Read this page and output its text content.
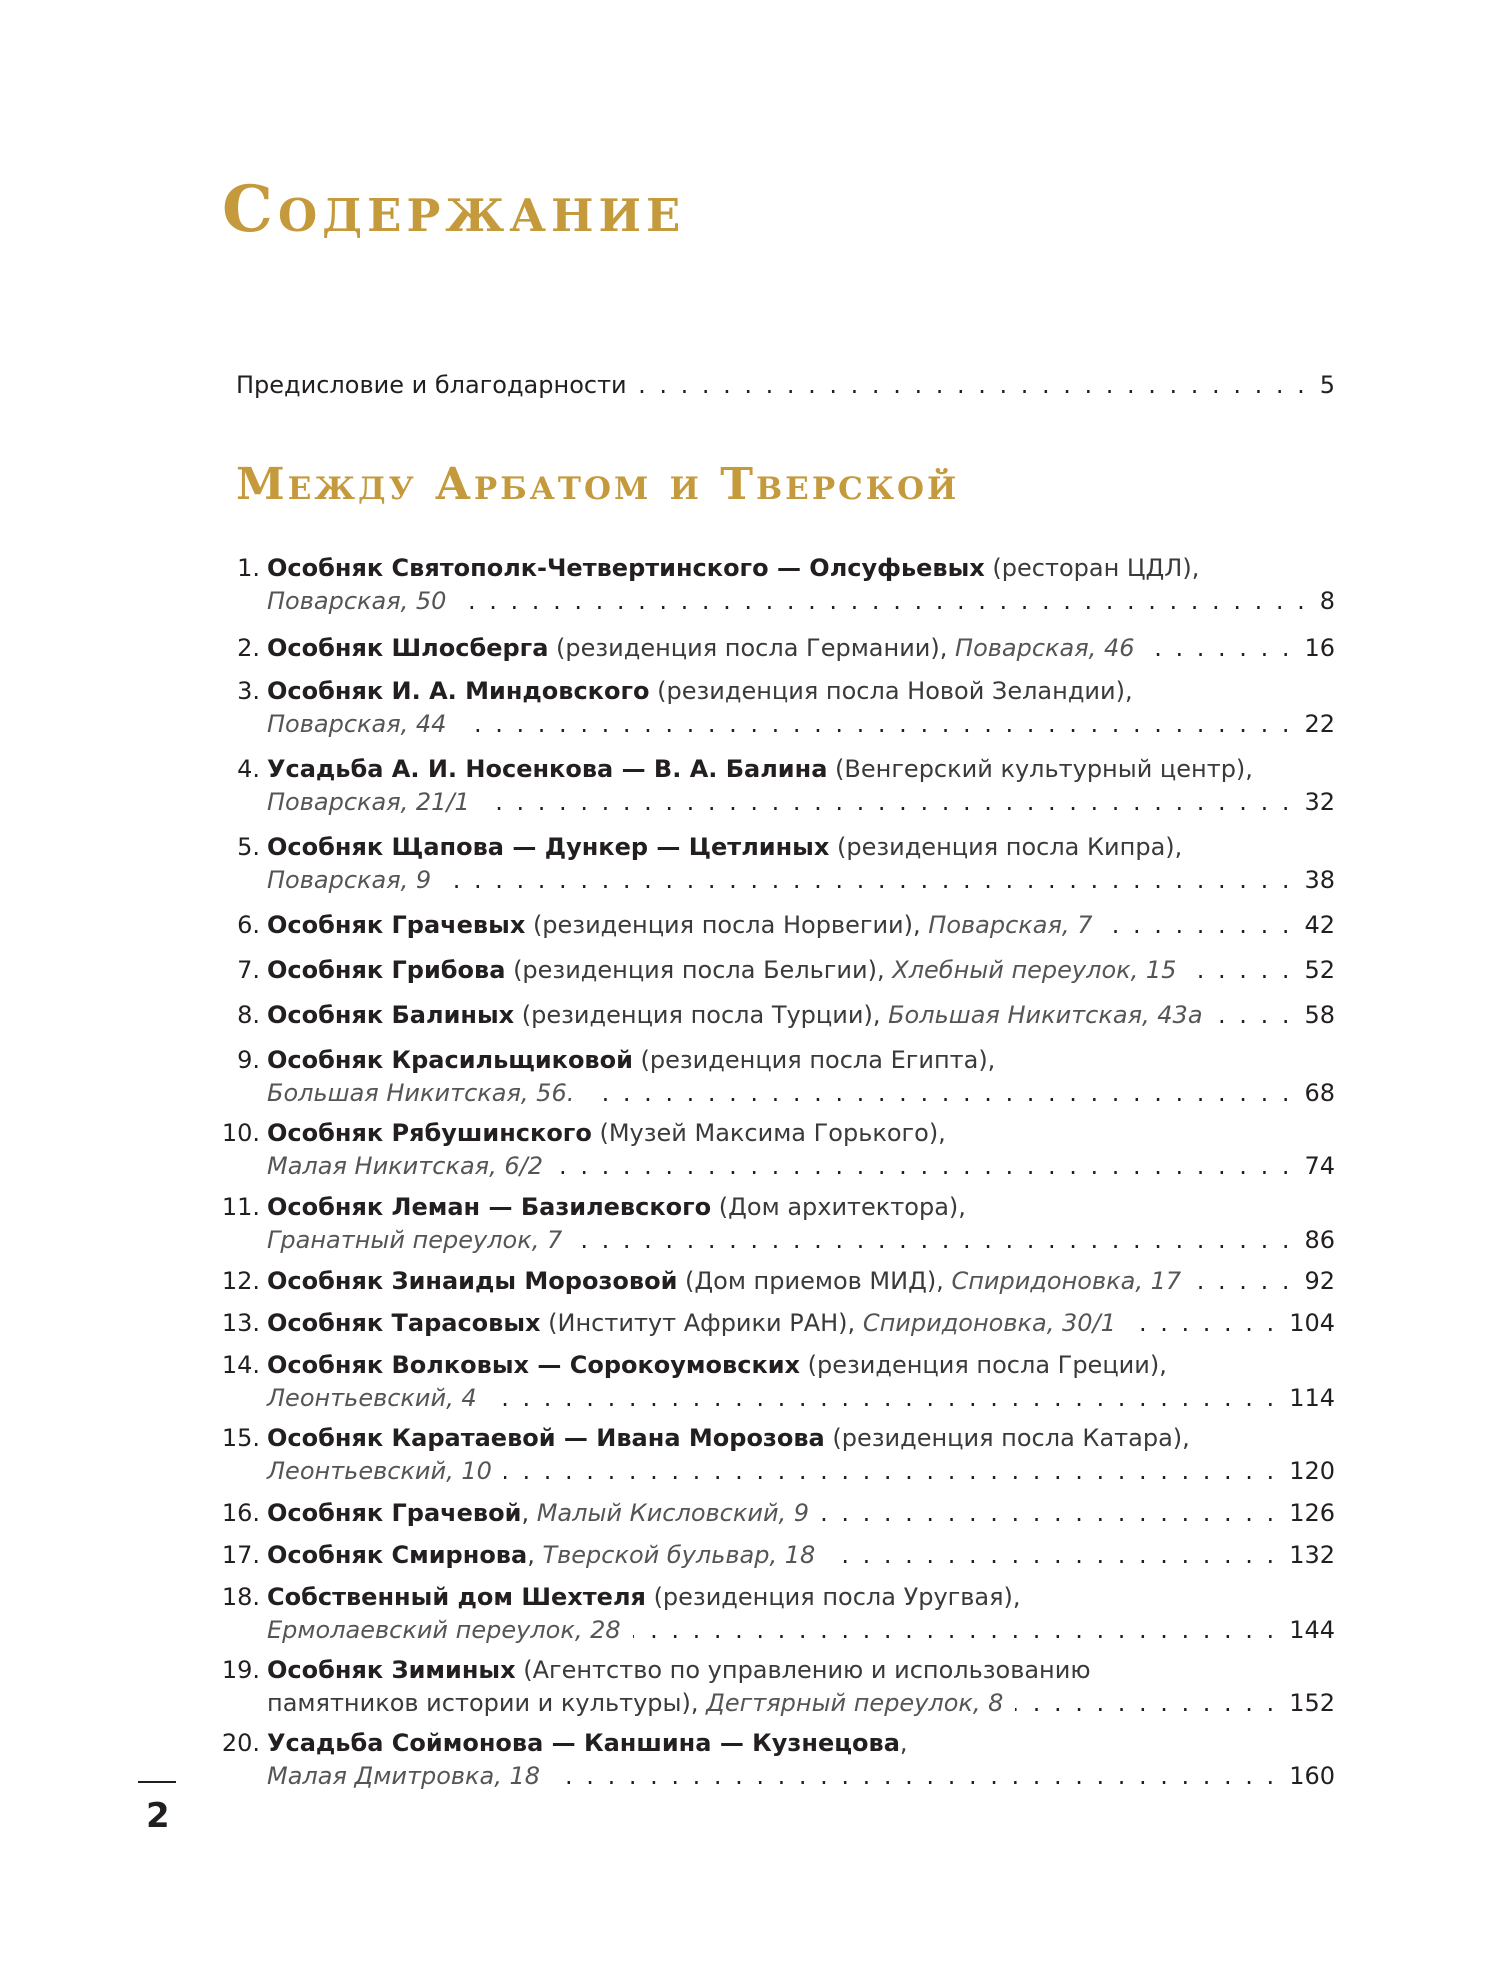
Содержание
Предисловие и благодарности . . .	5
Между Арбатом и Тверской
1. Особняк Святополк-Четвертинского — Олсуфьевых (ресторан ЦДЛ),
Поварская, 50 . . .	8
2. Особняк Шлосберга (резиденция посла Германии), Поварская, 46 . . .	16
3. Особняк И. А. Миндовского (резиденция посла Новой Зеландии),
Поварская, 44 . . .	22
4. Усадьба А. И. Носенкова — В. А. Балина (Венгерский культурный центр),
Поварская, 21/1 . . .	32
5. Особняк Щапова — Дункер — Цетлиных (резиденция посла Кипра),
Поварская, 9 . . .	38
6. Особняк Грачевых (резиденция посла Норвегии), Поварская, 7 . . .	42
7. Особняк Грибова (резиденция посла Бельгии), Хлебный переулок, 15 . . .	52
8. Особняк Балиных (резиденция посла Турции), Большая Никитская, 43а . . .	58
9. Особняк Красильщиковой (резиденция посла Египта),
Большая Никитская, 56. . . .	68
10. Особняк Рябушинского (Музей Максима Горького),
Малая Никитская, 6/2 . . .	74
11. Особняк Леман — Базилевского (Дом архитектора),
Гранатный переулок, 7 . . .	86
12. Особняк Зинаиды Морозовой (Дом приемов МИД), Спиридоновка, 17 . . .	92
13. Особняк Тарасовых (Институт Африки РАН), Спиридоновка, 30/1 . . .	104
14. Особняк Волковых — Сорокоумовских (резиденция посла Греции),
Леонтьевский, 4 . . .	114
15. Особняк Каратаевой — Ивана Морозова (резиденция посла Катара),
Леонтьевский, 10 . . .	120
16. Особняк Грачевой, Малый Кисловский, 9 . . .	126
17. Особняк Смирнова, Тверской бульвар, 18 . . .	132
18. Собственный дом Шехтеля (резиденция посла Уругвая),
Ермолаевский переулок, 28 . . .	144
19. Особняк Зиминых (Агентство по управлению и использованию
памятников истории и культуры), Дегтярный переулок, 8 . . .	152
20. Усадьба Соймонова — Каншина — Кузнецова,
Малая Дмитровка, 18 . . .	160
2
